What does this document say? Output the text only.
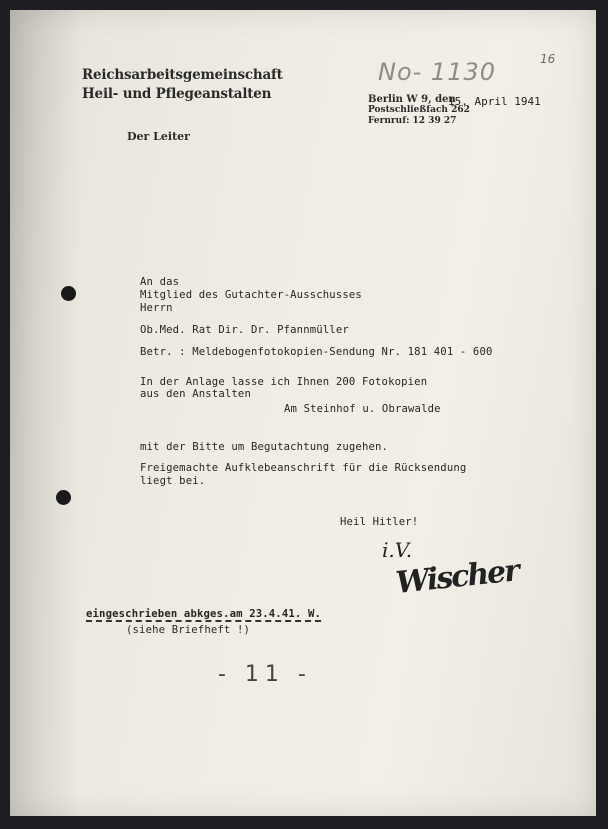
Reichsarbeitsgemeinschaft
Heil- und Pflegeanstalten
Der Leiter
No- 1130	16
Berlin W 9, den
Postschließfach 262
Fernruf: 12 39 27
15. April 1941
An das
Mitglied des Gutachter-Ausschusses
Herrn
Ob.Med. Rat Dir. Dr. Pfannmüller
Betr. : Meldebogenfotokopien-Sendung Nr. 181 401 - 600
In der Anlage lasse ich Ihnen 200 Fotokopien
aus den Anstalten
Am Steinhof u. Obrawalde
mit der Bitte um Begutachtung zugehen.
Freigemachte Aufklebeanschrift für die Rücksendung
liegt bei.
Heil Hitler!
i.V.
Wischer
eingeschrieben abkges.am 23.4.41. W.
(siehe Briefheft !)
- 11 -
